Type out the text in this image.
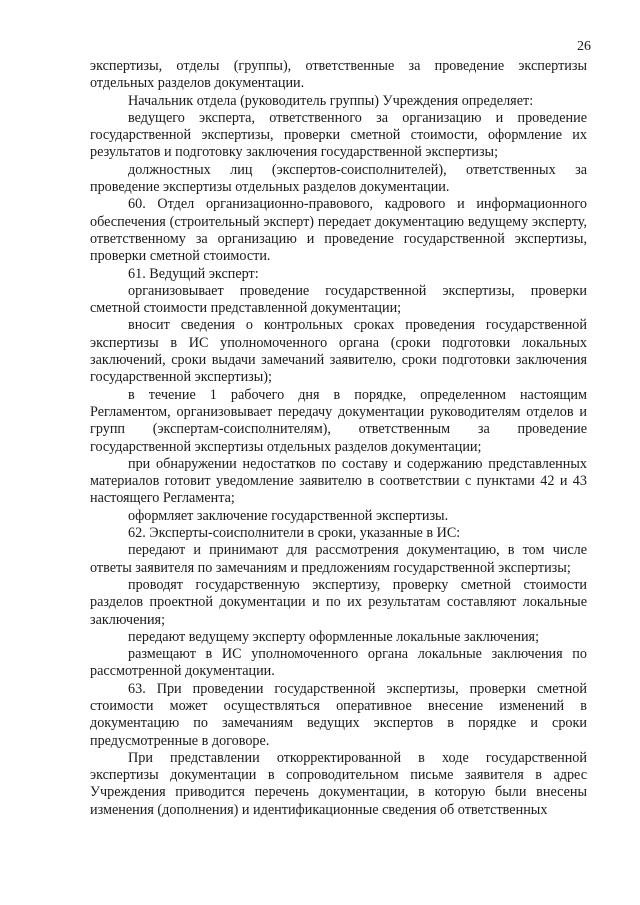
26

экспертизы, отделы (группы), ответственные за проведение экспертизы отдельных разделов документации.

Начальник отдела (руководитель группы) Учреждения определяет:

ведущего эксперта, ответственного за организацию и проведение государственной экспертизы, проверки сметной стоимости, оформление их результатов и подготовку заключения государственной экспертизы;

должностных лиц (экспертов-соисполнителей), ответственных за проведение экспертизы отдельных разделов документации.

60. Отдел организационно-правового, кадрового и информационного обеспечения (строительный эксперт) передает документацию ведущему эксперту, ответственному за организацию и проведение государственной экспертизы, проверки сметной стоимости.

61. Ведущий эксперт:

организовывает проведение государственной экспертизы, проверки сметной стоимости представленной документации;

вносит сведения о контрольных сроках проведения государственной экспертизы в ИС уполномоченного органа (сроки подготовки локальных заключений, сроки выдачи замечаний заявителю, сроки подготовки заключения государственной экспертизы);

в течение 1 рабочего дня в порядке, определенном настоящим Регламентом, организовывает передачу документации руководителям отделов и групп (экспертам-соисполнителям), ответственным за проведение государственной экспертизы отдельных разделов документации;

при обнаружении недостатков по составу и содержанию представленных материалов готовит уведомление заявителю в соответствии с пунктами 42 и 43 настоящего Регламента;

оформляет заключение государственной экспертизы.

62. Эксперты-соисполнители в сроки, указанные в ИС:

передают и принимают для рассмотрения документацию, в том числе ответы заявителя по замечаниям и предложениям государственной экспертизы;

проводят государственную экспертизу, проверку сметной стоимости разделов проектной документации и по их результатам составляют локальные заключения;

передают ведущему эксперту оформленные локальные заключения;

размещают в ИС уполномоченного органа локальные заключения по рассмотренной документации.

63. При проведении государственной экспертизы, проверки сметной стоимости может осуществляться оперативное внесение изменений в документацию по замечаниям ведущих экспертов в порядке и сроки предусмотренные в договоре.

При представлении откорректированной в ходе государственной экспертизы документации в сопроводительном письме заявителя в адрес Учреждения приводится перечень документации, в которую были внесены изменения (дополнения) и идентификационные сведения об ответственных
